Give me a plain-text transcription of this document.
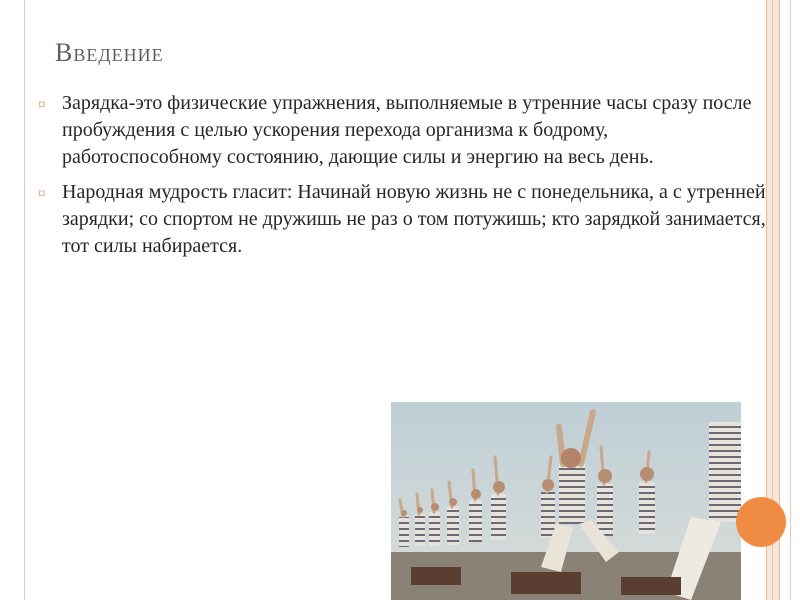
Введение
¤ Зарядка-это физические упражнения, выполняемые в утренние часы сразу после пробуждения с целью ускорения перехода организма к бодрому, работоспособному состоянию, дающие силы и энергию на весь день.
¤ Народная мудрость гласит: Начинай новую жизнь не с понедельника, а с утренней зарядки; со спортом не дружишь не раз о том потужишь; кто зарядкой занимается, тот силы набирается.
